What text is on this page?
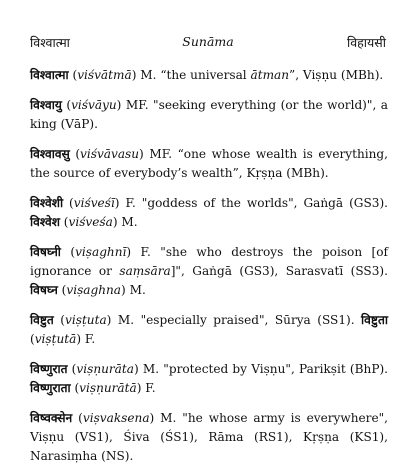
विश्वात्मा	Sunāma	विहायसी

विश्वात्मा (viśvātmā) M. “the universal ātman”, Viṣṇu (MBh).

विश्वायु (viśvāyu) MF. "seeking everything (or the world)", a king (VāP).

विश्वावसु (viśvāvasu) MF. “one whose wealth is everything, the source of everybody’s wealth”, Kṛṣṇa (MBh).

विश्वेशी (viśveśī) F. "goddess of the worlds", Gaṅgā (GS3). विश्वेश (viśveśa) M.

विषघ्नी (viṣaghnī) F. "she who destroys the poison [of ignorance or saṃsāra]", Gaṅgā (GS3), Sarasvatī (SS3). विषघ्न (viṣaghna) M.

विष्टुत (viṣṭuta) M. "especially praised", Sūrya (SS1). विष्टुता (viṣṭutā) F.

विष्णुरात (viṣṇurāta) M. "protected by Viṣṇu", Parikṣit (BhP). विष्णुराता (viṣṇurātā) F.

विष्वक्सेन (viṣvaksena) M. "he whose army is everywhere", Viṣṇu (VS1), Śiva (ŚS1), Rāma (RS1), Kṛṣṇa (KS1), Narasiṃha (NS).
